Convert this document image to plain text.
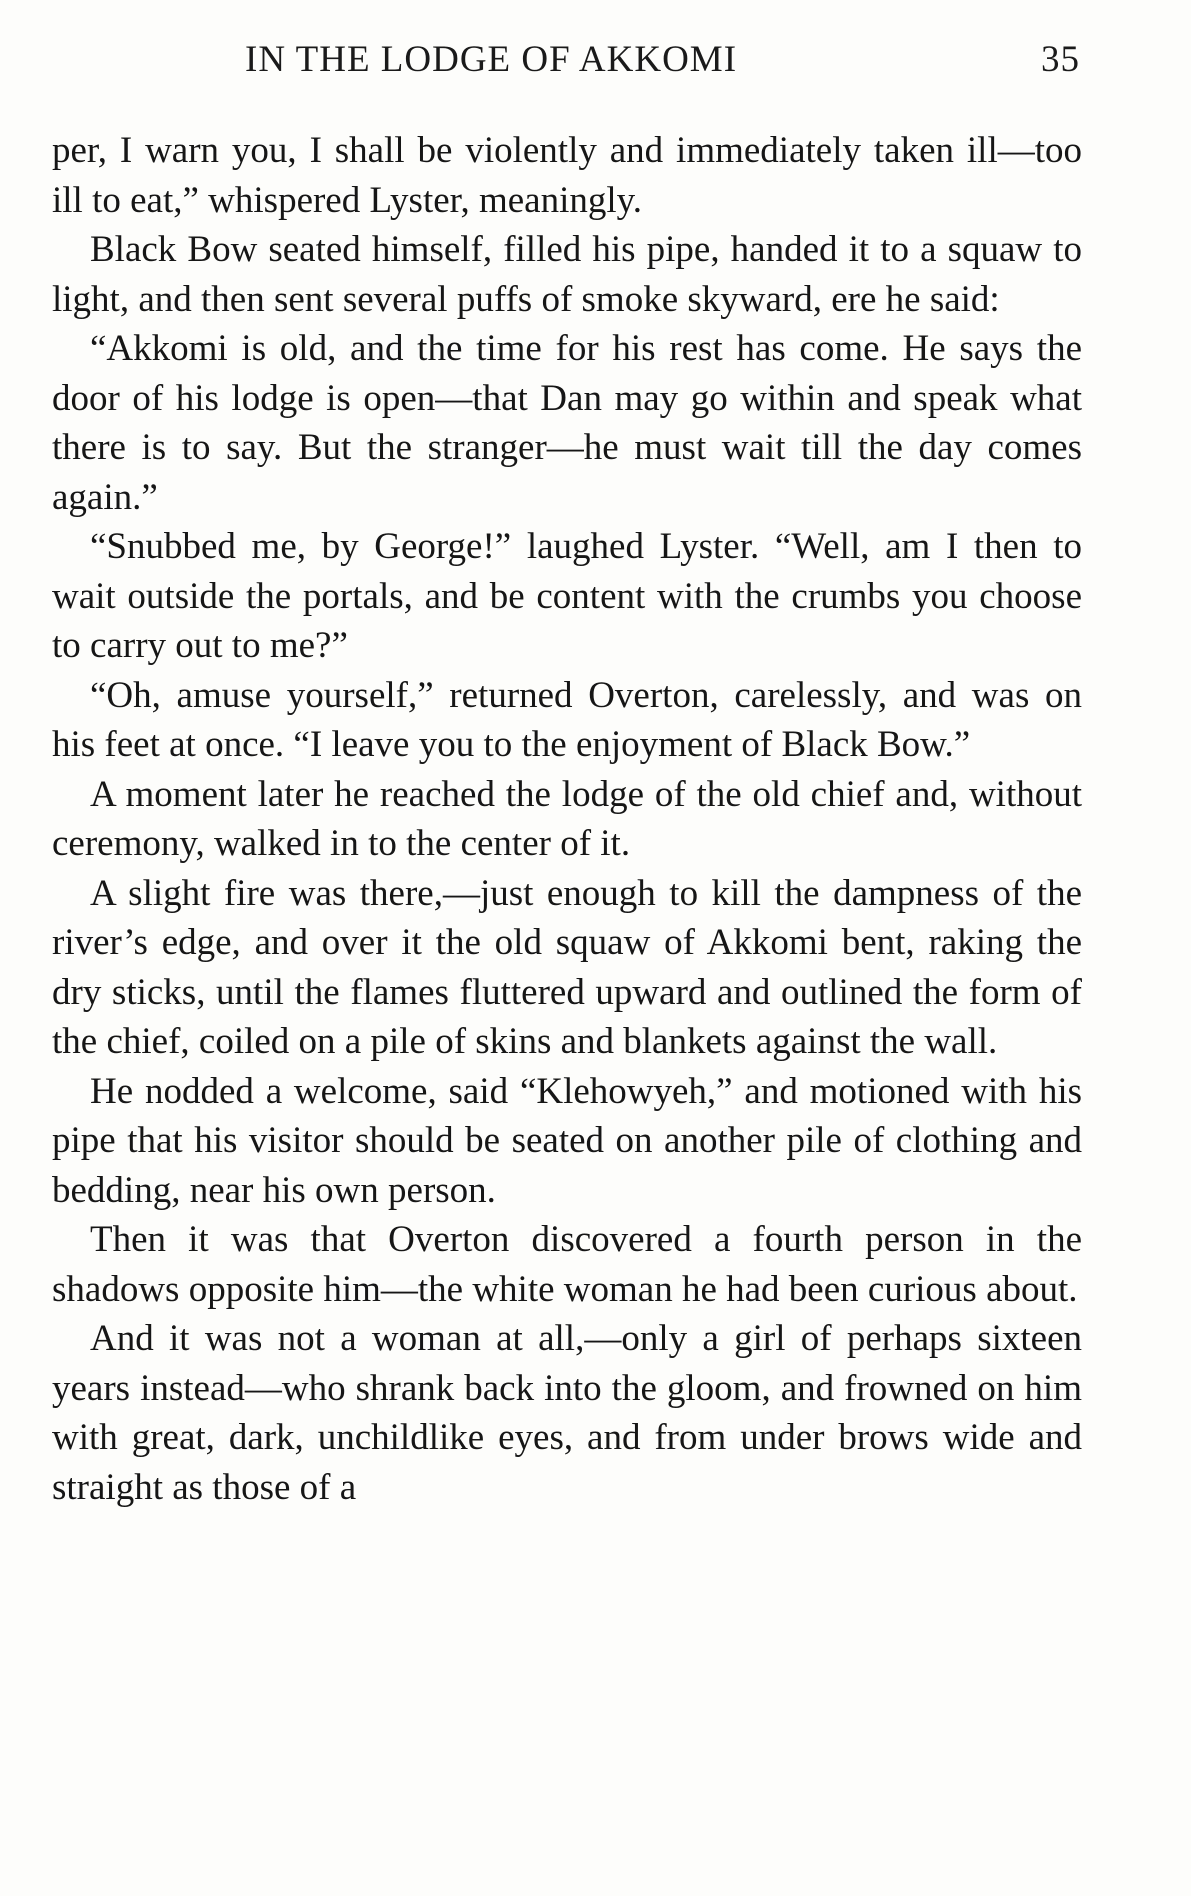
IN THE LODGE OF AKKOMI	35

per, I warn you, I shall be violently and immediately taken ill—too ill to eat,” whispered Lyster, meaningly.

Black Bow seated himself, filled his pipe, handed it to a squaw to light, and then sent several puffs of smoke skyward, ere he said:

“Akkomi is old, and the time for his rest has come. He says the door of his lodge is open—that Dan may go within and speak what there is to say. But the stranger—he must wait till the day comes again.”

“Snubbed me, by George!” laughed Lyster. “Well, am I then to wait outside the portals, and be content with the crumbs you choose to carry out to me?”

“Oh, amuse yourself,” returned Overton, carelessly, and was on his feet at once. “I leave you to the enjoyment of Black Bow.”

A moment later he reached the lodge of the old chief and, without ceremony, walked in to the center of it.

A slight fire was there,—just enough to kill the dampness of the river’s edge, and over it the old squaw of Akkomi bent, raking the dry sticks, until the flames fluttered upward and outlined the form of the chief, coiled on a pile of skins and blankets against the wall.

He nodded a welcome, said “Klehowyeh,” and motioned with his pipe that his visitor should be seated on another pile of clothing and bedding, near his own person.

Then it was that Overton discovered a fourth person in the shadows opposite him—the white woman he had been curious about.

And it was not a woman at all,—only a girl of perhaps sixteen years instead—who shrank back into the gloom, and frowned on him with great, dark, unchildlike eyes, and from under brows wide and straight as those of a
